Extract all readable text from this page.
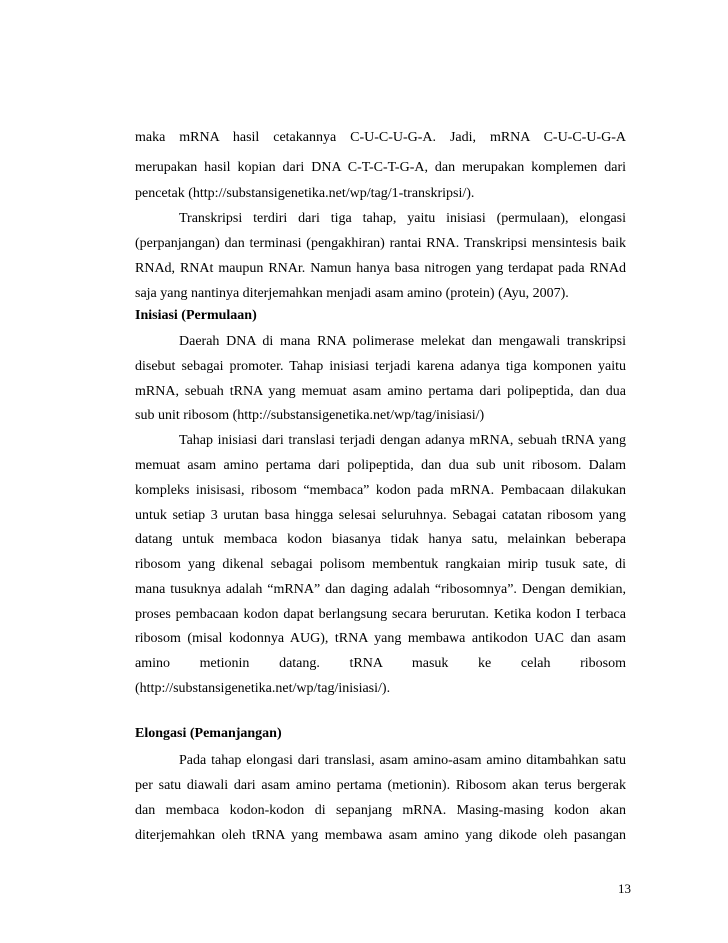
maka mRNA hasil cetakannya C-U-C-U-G-A. Jadi, mRNA C-U-C-U-G-A
merupakan hasil kopian dari DNA C-T-C-T-G-A, dan merupakan komplemen dari
pencetak (http://substansigenetika.net/wp/tag/1-transkripsi/).
Transkripsi terdiri dari tiga tahap, yaitu inisiasi (permulaan), elongasi
(perpanjangan) dan terminasi (pengakhiran) rantai RNA. Transkripsi mensintesis baik
RNAd, RNAt maupun RNAr. Namun hanya basa nitrogen yang terdapat pada RNAd
saja yang nantinya diterjemahkan menjadi asam amino (protein) (Ayu, 2007).
Inisiasi (Permulaan)
Daerah DNA di mana RNA polimerase melekat dan mengawali transkripsi
disebut sebagai promoter. Tahap inisiasi terjadi karena adanya tiga komponen yaitu
mRNA, sebuah tRNA yang memuat asam amino pertama dari polipeptida, dan dua
sub unit ribosom (http://substansigenetika.net/wp/tag/inisiasi/)
Tahap inisiasi dari translasi terjadi dengan adanya mRNA, sebuah tRNA yang
memuat asam amino pertama dari polipeptida, dan dua sub unit ribosom. Dalam
kompleks inisisasi, ribosom “membaca” kodon pada mRNA. Pembacaan dilakukan
untuk setiap 3 urutan basa hingga selesai seluruhnya. Sebagai catatan ribosom yang
datang untuk membaca kodon biasanya tidak hanya satu, melainkan beberapa
ribosom yang dikenal sebagai polisom membentuk rangkaian mirip tusuk sate, di
mana tusuknya adalah “mRNA” dan daging adalah “ribosomnya”. Dengan demikian,
proses pembacaan kodon dapat berlangsung secara berurutan. Ketika kodon I terbaca
ribosom (misal kodonnya AUG), tRNA yang membawa antikodon UAC dan asam
amino metionin datang. tRNA masuk ke celah ribosom
(http://substansigenetika.net/wp/tag/inisiasi/).
Elongasi (Pemanjangan)
Pada tahap elongasi dari translasi, asam amino-asam amino ditambahkan satu
per satu diawali dari asam amino pertama (metionin). Ribosom akan terus bergerak
dan membaca kodon-kodon di sepanjang mRNA. Masing-masing kodon akan
diterjemahkan oleh tRNA yang membawa asam amino yang dikode oleh pasangan
13
